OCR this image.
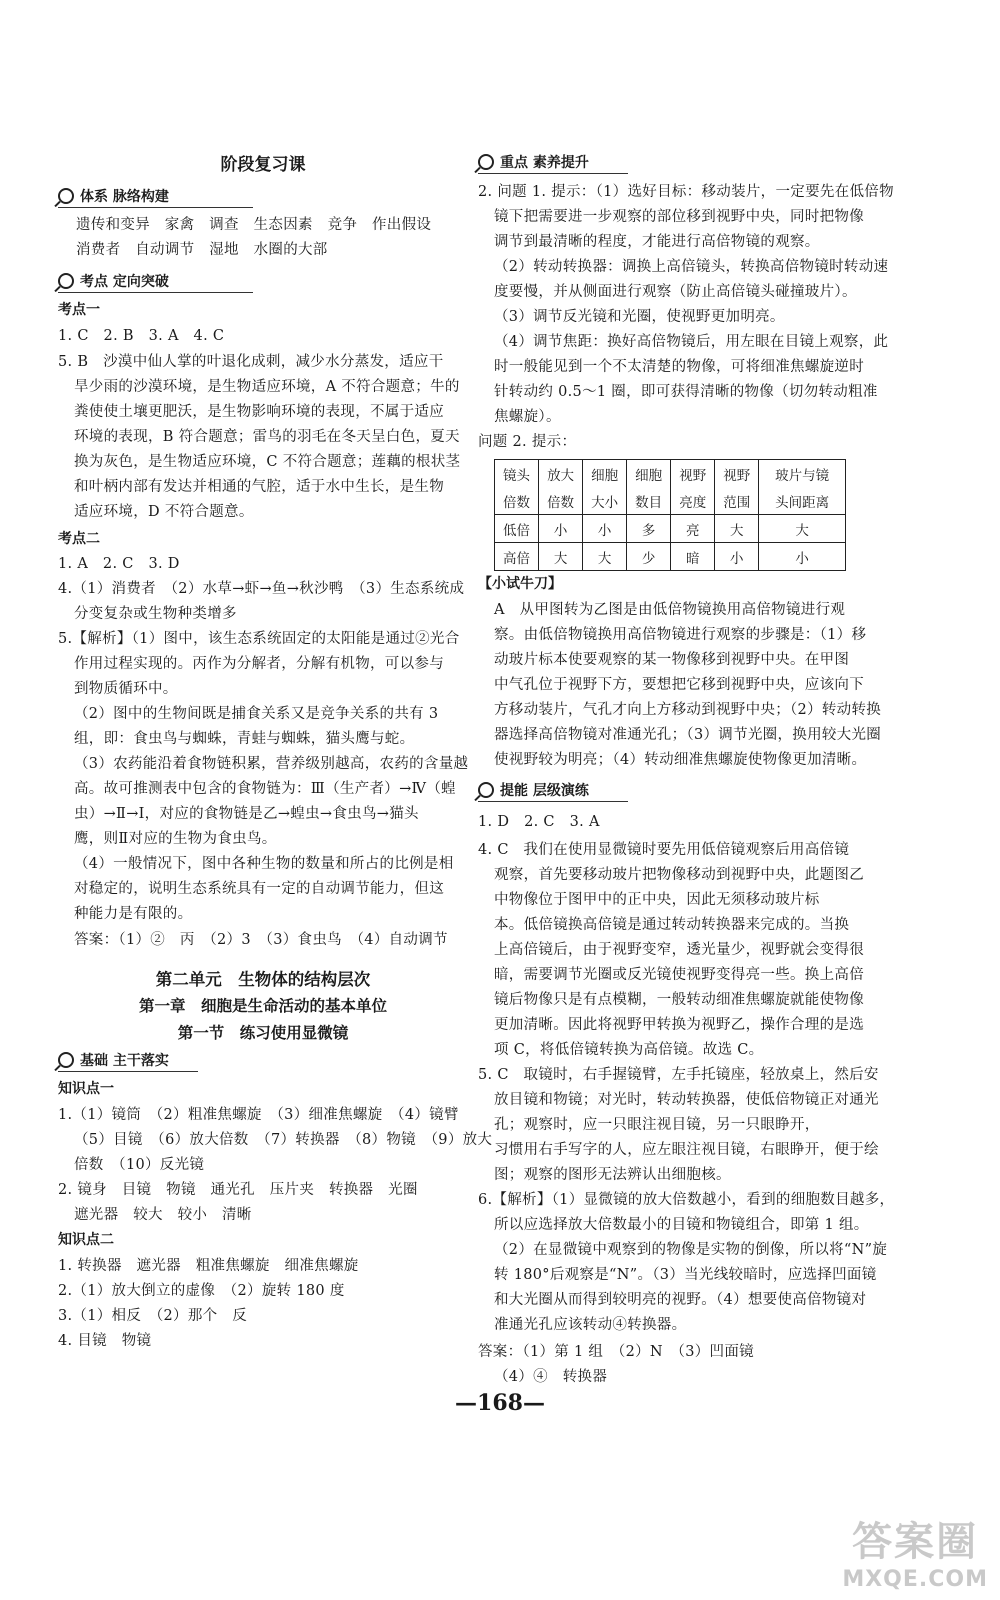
阶段复习课
体系 脉络构建
遗传和变异　家禽　调查　生态因素　竞争　作出假设
消费者　自动调节　湿地　水圈的大部
考点 定向突破
考点一
1. C　2. B　3. A　4. C
5. B　沙漠中仙人掌的叶退化成刺，减少水分蒸发，适应干
旱少雨的沙漠环境，是生物适应环境，A 不符合题意；牛的
粪使使土壤更肥沃，是生物影响环境的表现，不属于适应
环境的表现，B 符合题意；雷鸟的羽毛在冬天呈白色，夏天
换为灰色，是生物适应环境，C 不符合题意；莲藕的根状茎
和叶柄内部有发达并相通的气腔，适于水中生长，是生物
适应环境，D 不符合题意。
考点二
1. A　2. C　3. D
4.（1）消费者　（2）水草→虾→鱼→秋沙鸭　（3）生态系统成
分变复杂或生物种类增多
5.【解析】（1）图中，该生态系统固定的太阳能是通过②光合
作用过程实现的。丙作为分解者，分解有机物，可以参与
到物质循环中。
（2）图中的生物间既是捕食关系又是竞争关系的共有 3
组，即：食虫鸟与蜘蛛，青蛙与蜘蛛，猫头鹰与蛇。
（3）农药能沿着食物链积累，营养级别越高，农药的含量越
高。故可推测表中包含的食物链为：Ⅲ（生产者）→Ⅳ（蝗
虫）→Ⅱ→Ⅰ，对应的食物链是乙→蝗虫→食虫鸟→猫头
鹰，则Ⅱ对应的生物为食虫鸟。
（4）一般情况下，图中各种生物的数量和所占的比例是相
对稳定的，说明生态系统具有一定的自动调节能力，但这
种能力是有限的。
答案：（1）②　丙　（2）3　（3）食虫鸟　（4）自动调节
第二单元　生物体的结构层次
第一章　细胞是生命活动的基本单位
第一节　练习使用显微镜
基础 主干落实
知识点一
1.（1）镜筒　（2）粗准焦螺旋　（3）细准焦螺旋　（4）镜臂
（5）目镜　（6）放大倍数　（7）转换器　（8）物镜　（9）放大
倍数　（10）反光镜
2. 镜身　目镜　物镜　通光孔　压片夹　转换器　光圈
遮光器　较大　较小　清晰
知识点二
1. 转换器　遮光器　粗准焦螺旋　细准焦螺旋
2.（1）放大倒立的虚像　（2）旋转 180 度
3.（1）相反　（2）那个　反
4. 目镜　物镜
重点 素养提升
2. 问题 1. 提示：（1）选好目标：移动装片，一定要先在低倍物
镜下把需要进一步观察的部位移到视野中央，同时把物像
调节到最清晰的程度，才能进行高倍物镜的观察。
（2）转动转换器：调换上高倍镜头，转换高倍物镜时转动速
度要慢，并从侧面进行观察（防止高倍镜头碰撞玻片）。
（3）调节反光镜和光圈，使视野更加明亮。
（4）调节焦距：换好高倍物镜后，用左眼在目镜上观察，此
时一般能见到一个不太清楚的物像，可将细准焦螺旋逆时
针转动约 0.5～1 圈，即可获得清晰的物像（切勿转动粗准
焦螺旋）。
问题 2. 提示：
镜头	放大	细胞	细胞	视野	视野	玻片与镜
倍数	倍数	大小	数目	亮度	范围	头间距离
低倍	小	小	多	亮	大	大
高倍	大	大	少	暗	小	小
【小试牛刀】
A　从甲图转为乙图是由低倍物镜换用高倍物镜进行观
察。由低倍物镜换用高倍物镜进行观察的步骤是：（1）移
动玻片标本使要观察的某一物像移到视野中央。在甲图
中气孔位于视野下方，要想把它移到视野中央，应该向下
方移动装片，气孔才向上方移动到视野中央；（2）转动转换
器选择高倍物镜对准通光孔；（3）调节光圈，换用较大光圈
使视野较为明亮；（4）转动细准焦螺旋使物像更加清晰。
提能 层级演练
1. D　2. C　3. A
4. C　我们在使用显微镜时要先用低倍镜观察后用高倍镜
观察，首先要移动玻片把物像移动到视野中央，此题图乙
中物像位于图甲中的正中央，因此无须移动玻片标
本。低倍镜换高倍镜是通过转动转换器来完成的。当换
上高倍镜后，由于视野变窄，透光量少，视野就会变得很
暗，需要调节光圈或反光镜使视野变得亮一些。换上高倍
镜后物像只是有点模糊，一般转动细准焦螺旋就能使物像
更加清晰。因此将视野甲转换为视野乙，操作合理的是选
项 C，将低倍镜转换为高倍镜。故选 C。
5. C　取镜时，右手握镜臂，左手托镜座，轻放桌上，然后安
放目镜和物镜；对光时，转动转换器，使低倍物镜正对通光
孔；观察时，应一只眼注视目镜，另一只眼睁开，
习惯用右手写字的人，应左眼注视目镜，右眼睁开，便于绘
图；观察的图形无法辨认出细胞核。
6.【解析】（1）显微镜的放大倍数越小，看到的细胞数目越多，
所以应选择放大倍数最小的目镜和物镜组合，即第 1 组。
（2）在显微镜中观察到的物像是实物的倒像，所以将“N”旋
转 180°后观察是“N”。（3）当光线较暗时，应选择凹面镜
和大光圈从而得到较明亮的视野。（4）想要使高倍物镜对
准通光孔应该转动④转换器。
答案：（1）第 1 组　（2）N　（3）凹面镜
（4）④　转换器
—168—
答案圈
MXQE.COM
